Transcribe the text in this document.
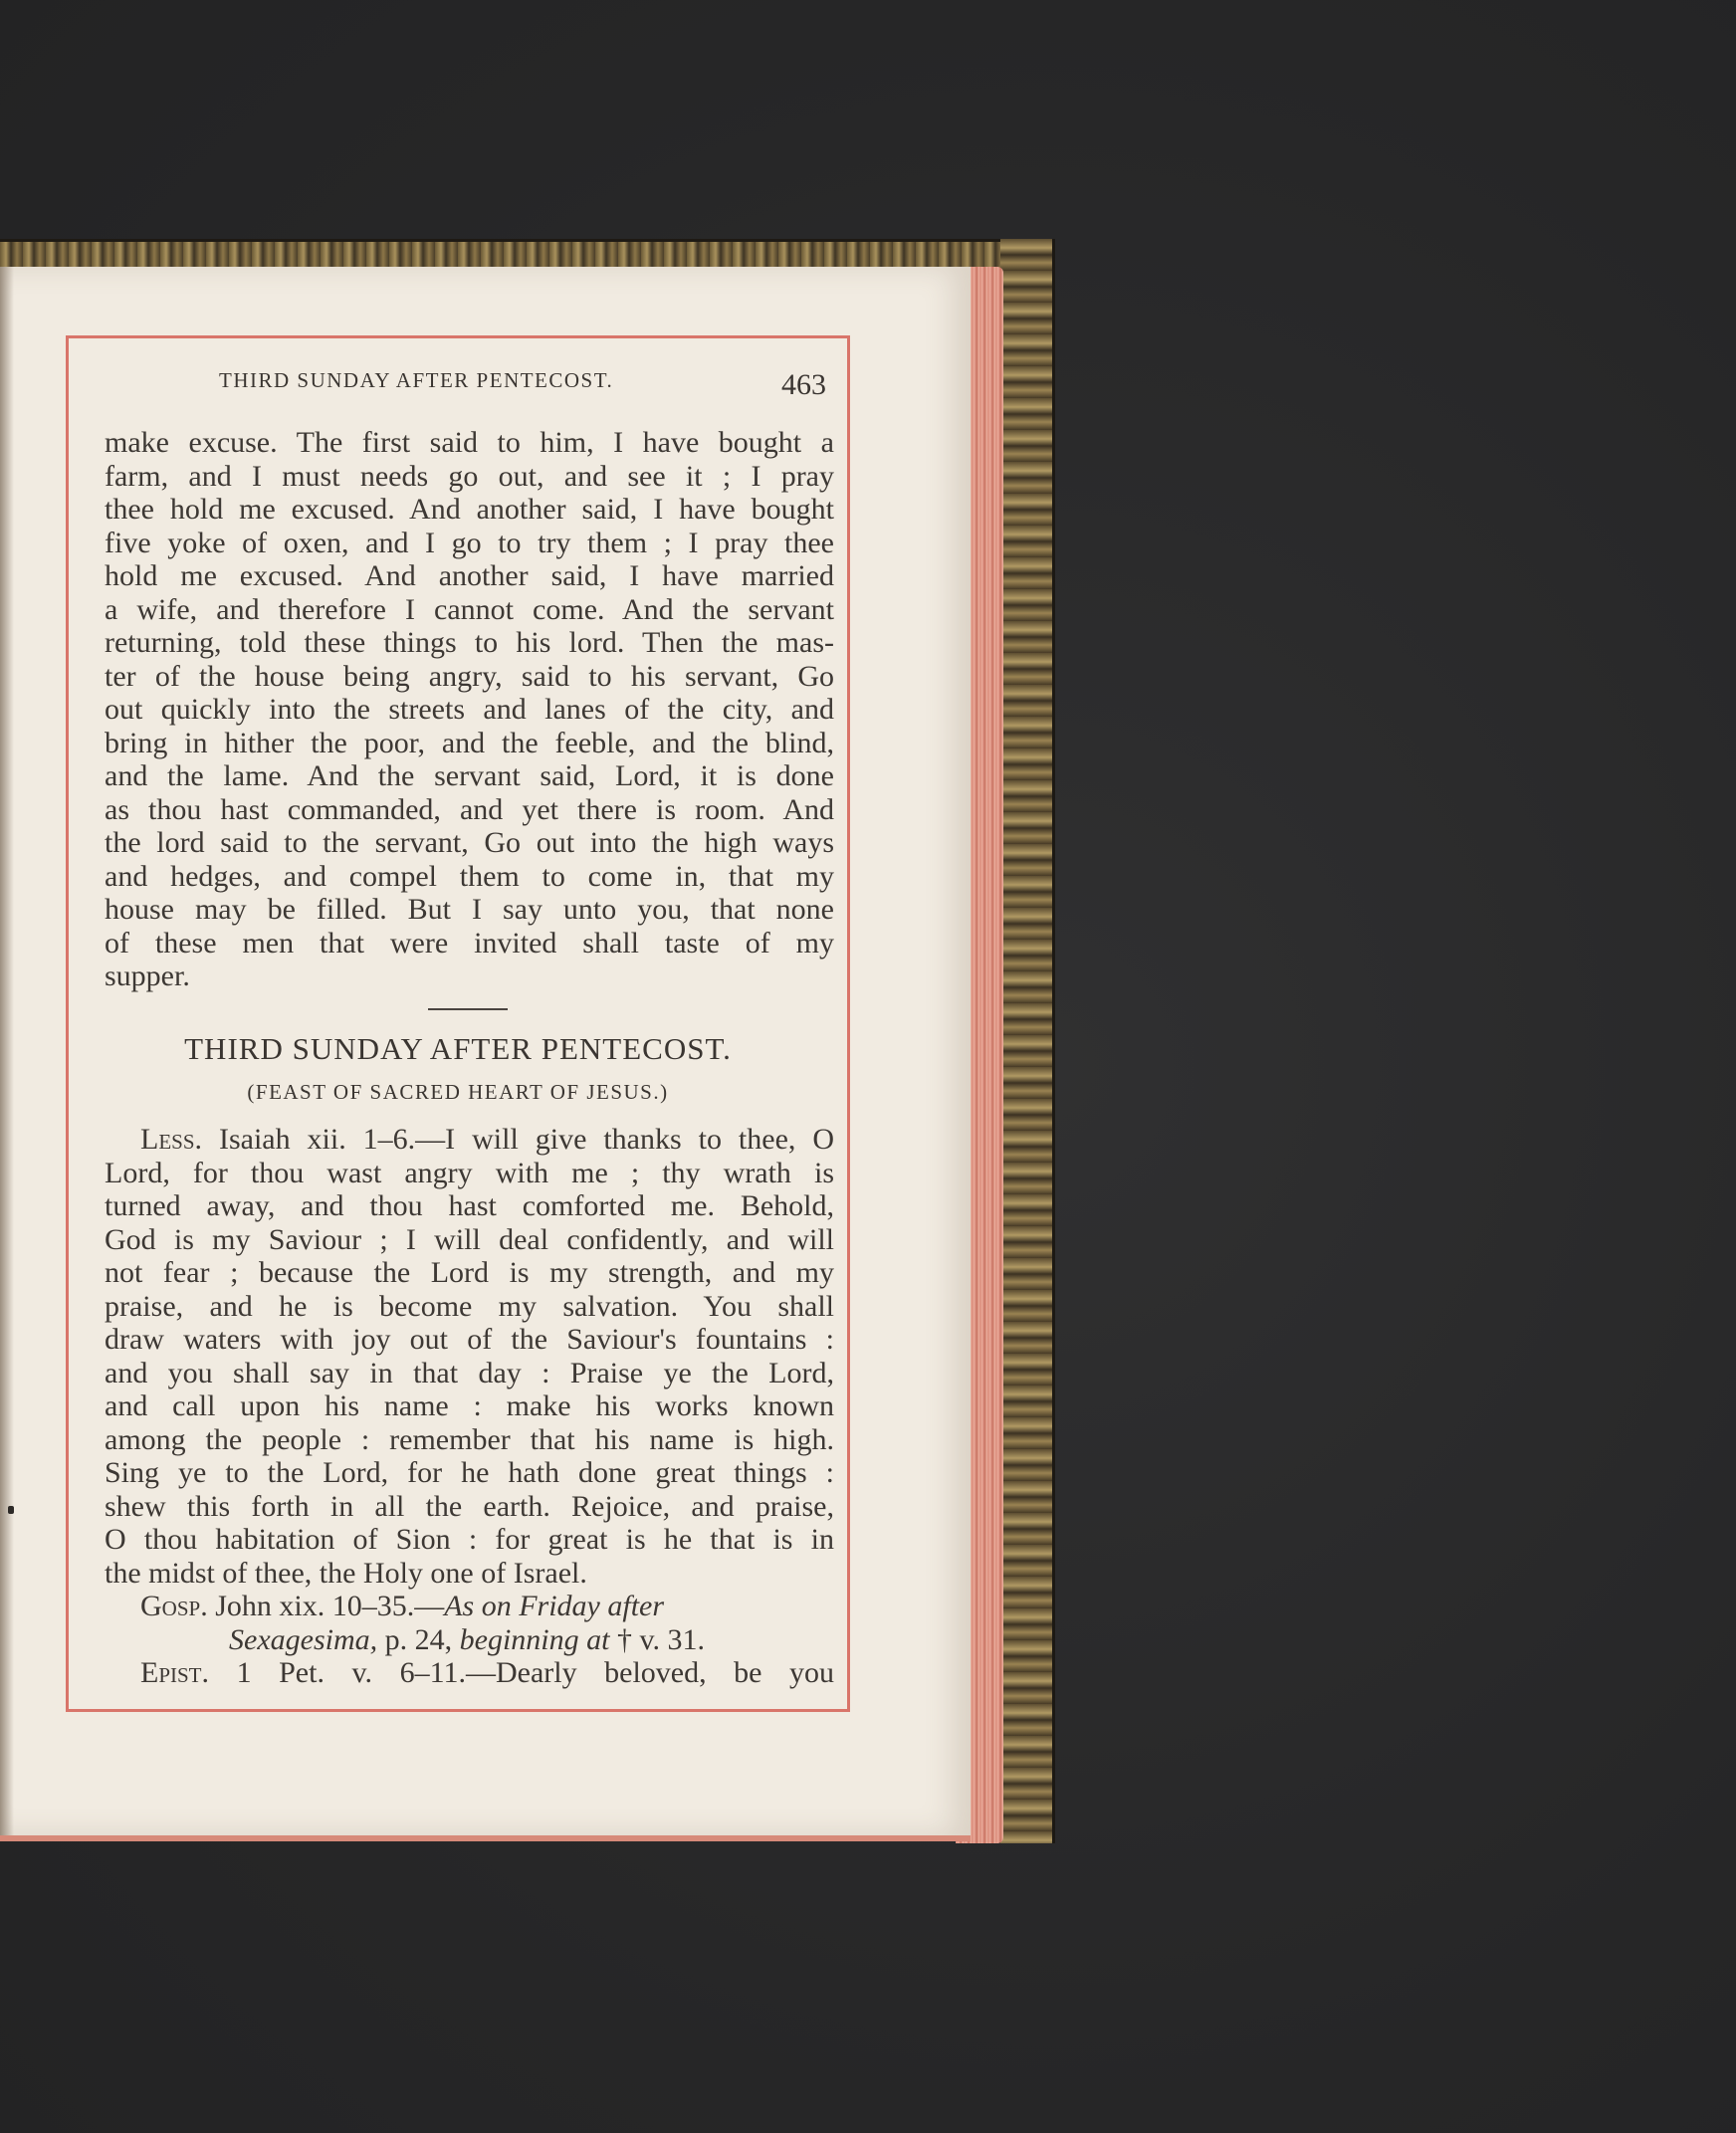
THIRD SUNDAY AFTER PENTECOST.	463
make excuse. The first said to him, I have bought a
farm, and I must needs go out, and see it ; I pray
thee hold me excused. And another said, I have bought
five yoke of oxen, and I go to try them ; I pray thee
hold me excused. And another said, I have married
a wife, and therefore I cannot come. And the servant
returning, told these things to his lord. Then the mas-
ter of the house being angry, said to his servant, Go
out quickly into the streets and lanes of the city, and
bring in hither the poor, and the feeble, and the blind,
and the lame. And the servant said, Lord, it is done
as thou hast commanded, and yet there is room. And
the lord said to the servant, Go out into the high ways
and hedges, and compel them to come in, that my
house may be filled. But I say unto you, that none
of these men that were invited shall taste of my
supper.
THIRD SUNDAY AFTER PENTECOST.
(FEAST OF SACRED HEART OF JESUS.)
Less. Isaiah xii. 1–6.—I will give thanks to thee, O
Lord, for thou wast angry with me ; thy wrath is
turned away, and thou hast comforted me. Behold,
God is my Saviour ; I will deal confidently, and will
not fear ; because the Lord is my strength, and my
praise, and he is become my salvation. You shall
draw waters with joy out of the Saviour's fountains :
and you shall say in that day : Praise ye the Lord,
and call upon his name : make his works known
among the people : remember that his name is high.
Sing ye to the Lord, for he hath done great things :
shew this forth in all the earth. Rejoice, and praise,
O thou habitation of Sion : for great is he that is in
the midst of thee, the Holy one of Israel.
Gosp. John xix. 10–35.—As on Friday after
Sexagesima, p. 24, beginning at † v. 31.
Epist. 1 Pet. v. 6–11.—Dearly beloved, be you
